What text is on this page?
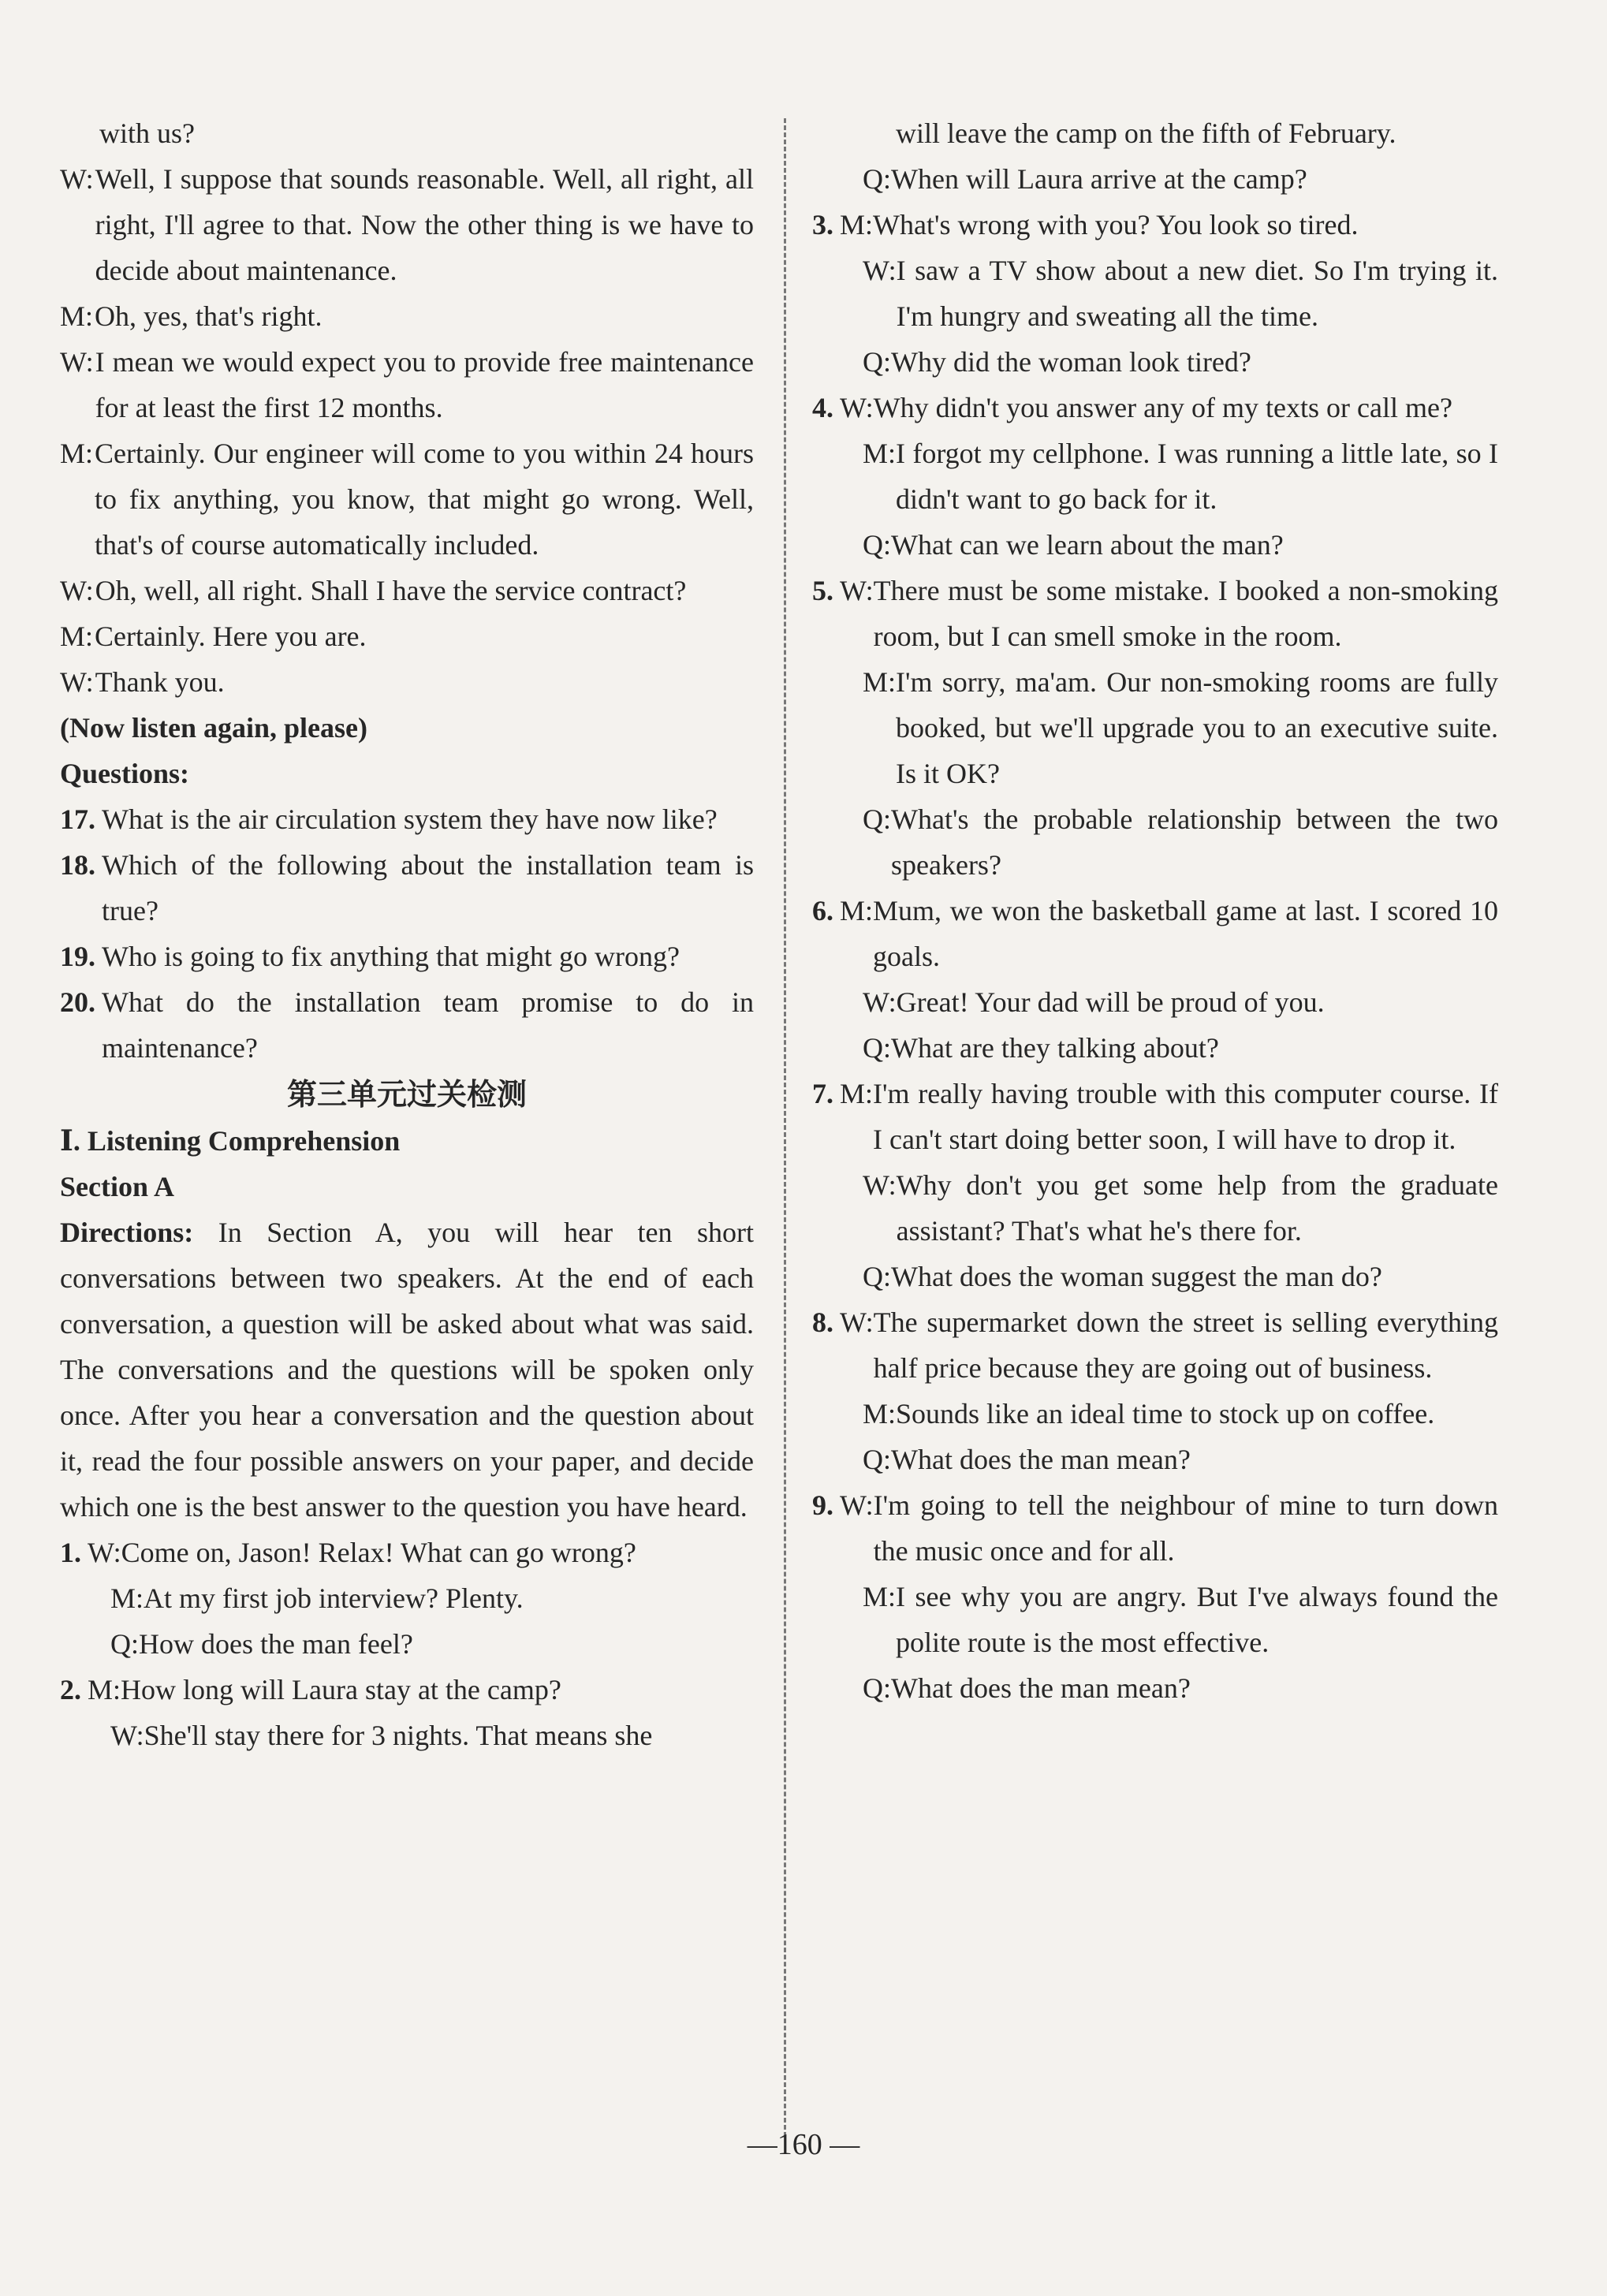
with us?
W: Well, I suppose that sounds reasonable. Well, all right, all right, I'll agree to that. Now the other thing is we have to decide about maintenance.
M: Oh, yes, that's right.
W: I mean we would expect you to provide free maintenance for at least the first 12 months.
M: Certainly. Our engineer will come to you within 24 hours to fix anything, you know, that might go wrong. Well, that's of course automatically included.
W: Oh, well, all right. Shall I have the service contract?
M: Certainly. Here you are.
W: Thank you.
(Now listen again, please)
Questions:
17. What is the air circulation system they have now like?
18. Which of the following about the installation team is true?
19. Who is going to fix anything that might go wrong?
20. What do the installation team promise to do in maintenance?
第三单元过关检测
Ⅰ. Listening Comprehension
Section A
Directions: In Section A, you will hear ten short conversations between two speakers. At the end of each conversation, a question will be asked about what was said. The conversations and the questions will be spoken only once. After you hear a conversation and the question about it, read the four possible answers on your paper, and decide which one is the best answer to the question you have heard.
1. W: Come on, Jason! Relax! What can go wrong?
M: At my first job interview? Plenty.
Q: How does the man feel?
2. M: How long will Laura stay at the camp?
W: She'll stay there for 3 nights. That means she
will leave the camp on the fifth of February.
Q: When will Laura arrive at the camp?
3. M: What's wrong with you? You look so tired.
W: I saw a TV show about a new diet. So I'm trying it. I'm hungry and sweating all the time.
Q: Why did the woman look tired?
4. W: Why didn't you answer any of my texts or call me?
M: I forgot my cellphone. I was running a little late, so I didn't want to go back for it.
Q: What can we learn about the man?
5. W: There must be some mistake. I booked a non-smoking room, but I can smell smoke in the room.
M: I'm sorry, ma'am. Our non-smoking rooms are fully booked, but we'll upgrade you to an executive suite. Is it OK?
Q: What's the probable relationship between the two speakers?
6. M: Mum, we won the basketball game at last. I scored 10 goals.
W: Great! Your dad will be proud of you.
Q: What are they talking about?
7. M: I'm really having trouble with this computer course. If I can't start doing better soon, I will have to drop it.
W: Why don't you get some help from the graduate assistant? That's what he's there for.
Q: What does the woman suggest the man do?
8. W: The supermarket down the street is selling everything half price because they are going out of business.
M: Sounds like an ideal time to stock up on coffee.
Q: What does the man mean?
9. W: I'm going to tell the neighbour of mine to turn down the music once and for all.
M: I see why you are angry. But I've always found the polite route is the most effective.
Q: What does the man mean?
—160 —
